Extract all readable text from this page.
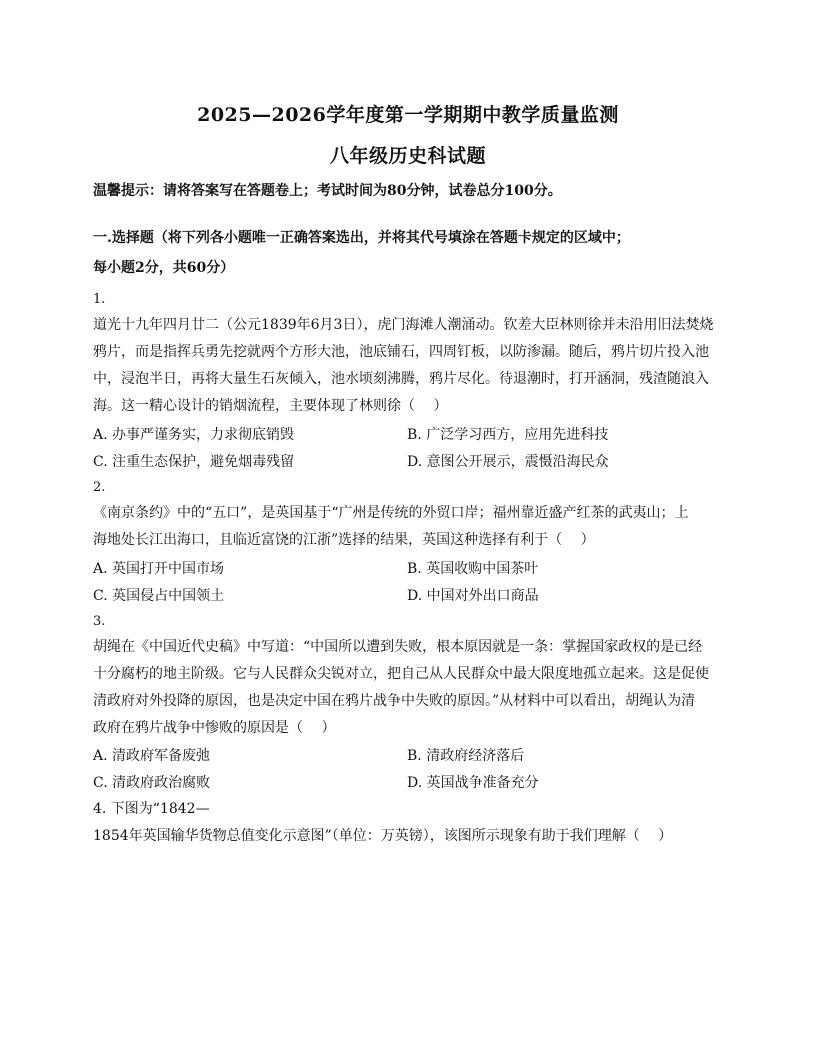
2025—2026学年度第一学期期中教学质量监测
八年级历史科试题
温馨提示：请将答案写在答题卷上；考试时间为80分钟，试卷总分100分。
一.选择题（将下列各小题唯一正确答案选出，并将其代号填涂在答题卡规定的区域中；
每小题2分，共60分）
1.
道光十九年四月廿二（公元1839年6月3日），虎门海滩人潮涌动。钦差大臣林则徐并未沿用旧法焚烧
鸦片，而是指挥兵勇先挖就两个方形大池，池底铺石，四周钉板，以防渗漏。随后，鸦片切片投入池
中，浸泡半日，再将大量生石灰倾入，池水顷刻沸腾，鸦片尽化。待退潮时，打开涵洞，残渣随浪入
海。这一精心设计的销烟流程，主要体现了林则徐（　 ）
A. 办事严谨务实，力求彻底销毁	B. 广泛学习西方，应用先进科技
C. 注重生态保护，避免烟毒残留	D. 意图公开展示，震慑沿海民众
2.
《南京条约》中的“五口”，是英国基于“广州是传统的外贸口岸；福州靠近盛产红茶的武夷山；上
海地处长江出海口，且临近富饶的江浙”选择的结果，英国这种选择有利于（　 ）
A. 英国打开中国市场	B. 英国收购中国茶叶
C. 英国侵占中国领土	D. 中国对外出口商品
3.
胡绳在《中国近代史稿》中写道：“中国所以遭到失败，根本原因就是一条：掌握国家政权的是已经
十分腐朽的地主阶级。它与人民群众尖锐对立，把自己从人民群众中最大限度地孤立起来。这是促使
清政府对外投降的原因，也是决定中国在鸦片战争中失败的原因。”从材料中可以看出，胡绳认为清
政府在鸦片战争中惨败的原因是（　 ）
A. 清政府军备废弛	B. 清政府经济落后
C. 清政府政治腐败	D. 英国战争准备充分
4. 下图为“1842—
1854年英国输华货物总值变化示意图”（单位：万英镑），该图所示现象有助于我们理解（　 ）
